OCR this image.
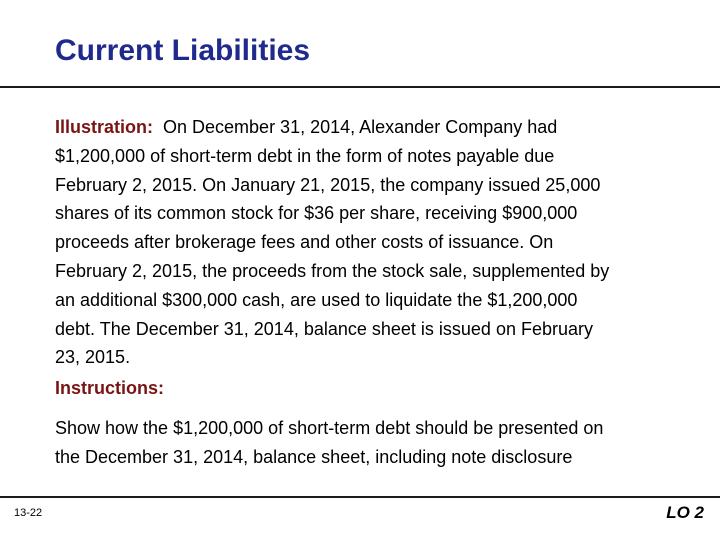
Current Liabilities
Illustration: On December 31, 2014, Alexander Company had
$1,200,000 of short-term debt in the form of notes payable due
February 2, 2015. On January 21, 2015, the company issued 25,000
shares of its common stock for $36 per share, receiving $900,000
proceeds after brokerage fees and other costs of issuance. On
February 2, 2015, the proceeds from the stock sale, supplemented by
an additional $300,000 cash, are used to liquidate the $1,200,000
debt. The December 31, 2014, balance sheet is issued on February
23, 2015.
Instructions:
Show how the $1,200,000 of short-term debt should be presented on
the December 31, 2014, balance sheet, including note disclosure
13-22	LO 2
